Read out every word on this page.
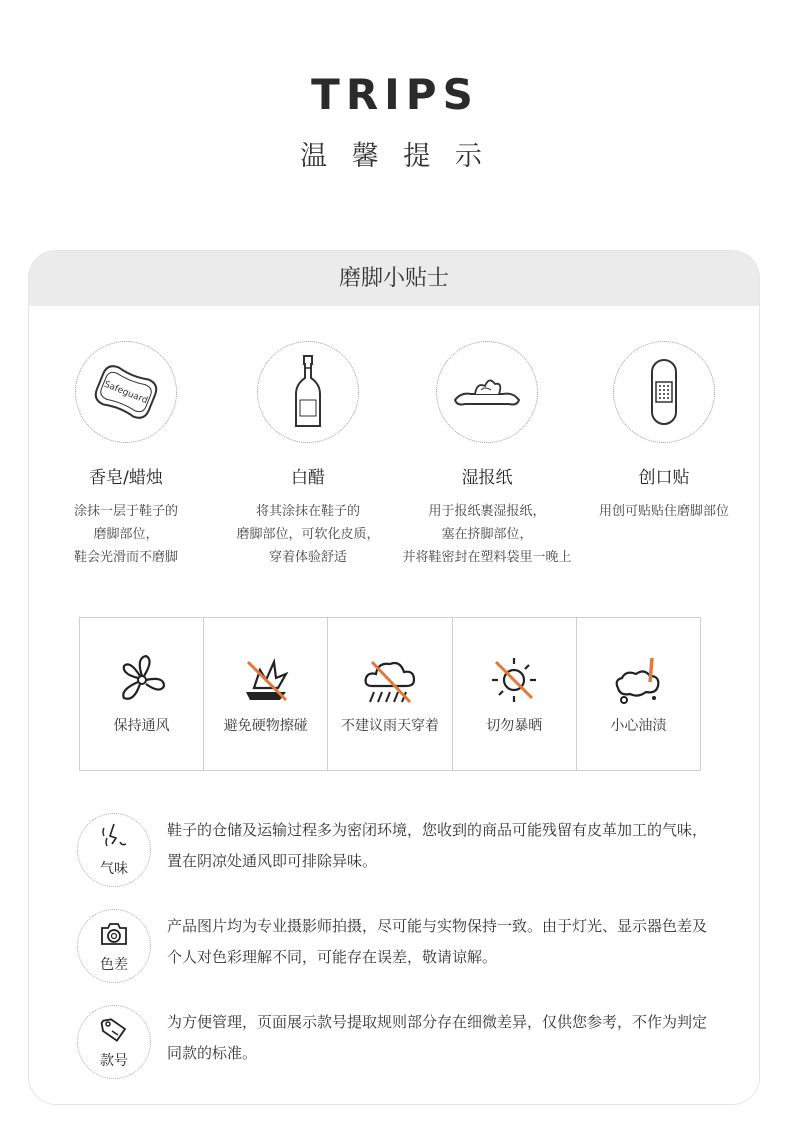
TRIPS
温 馨 提 示
磨脚小贴士
Safeguard
香皂/蜡烛
涂抹一层于鞋子的
磨脚部位，
鞋会光滑而不磨脚
白醋
将其涂抹在鞋子的
磨脚部位，可软化皮质，
穿着体验舒适
湿报纸
用于报纸裹湿报纸，
塞在挤脚部位，
并将鞋密封在塑料袋里一晚上
创口贴
用创可贴贴住磨脚部位
保持通风	避免硬物擦碰	不建议雨天穿着	切勿暴晒	小心油渍
气味
鞋子的仓储及运输过程多为密闭环境，您收到的商品可能残留有皮革加工的气味，置在阴凉处通风即可排除异味。
色差
产品图片均为专业摄影师拍摄，尽可能与实物保持一致。由于灯光、显示器色差及个人对色彩理解不同，可能存在误差，敬请谅解。
款号
为方便管理，页面展示款号提取规则部分存在细微差异，仅供您参考，不作为判定同款的标准。
